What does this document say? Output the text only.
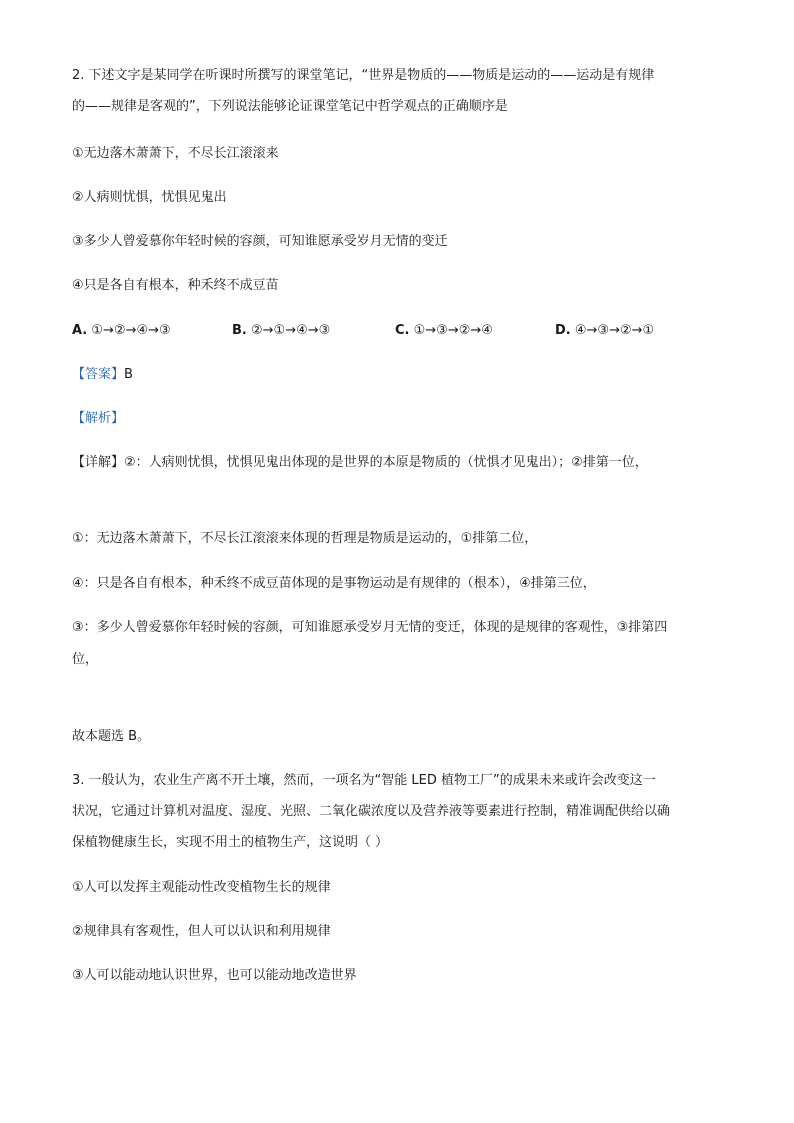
2. 下述文字是某同学在听课时所撰写的课堂笔记，“世界是物质的——物质是运动的——运动是有规律
的——规律是客观的”，下列说法能够论证课堂笔记中哲学观点的正确顺序是
①无边落木萧萧下，不尽长江滚滚来
②人病则忧惧，忧惧见鬼出
③多少人曾爱慕你年轻时候的容颜，可知谁愿承受岁月无情的变迁
④只是各自有根本，种禾终不成豆苗
A. ①→②→④→③	B. ②→①→④→③	C. ①→③→②→④	D. ④→③→②→①
【答案】B
【解析】
【详解】②：人病则忧惧，忧惧见鬼出体现的是世界的本原是物质的（忧惧才见鬼出）；②排第一位，
①：无边落木萧萧下，不尽长江滚滚来体现的哲理是物质是运动的，①排第二位，
④：只是各自有根本，种禾终不成豆苗体现的是事物运动是有规律的（根本），④排第三位，
③：多少人曾爱慕你年轻时候的容颜，可知谁愿承受岁月无情的变迁，体现的是规律的客观性，③排第四
位，
故本题选 B。
3. 一般认为，农业生产离不开土壤，然而，一项名为“智能 LED 植物工厂”的成果未来或许会改变这一
状况，它通过计算机对温度、湿度、光照、二氧化碳浓度以及营养液等要素进行控制，精准调配供给以确
保植物健康生长，实现不用土的植物生产，这说明（ ）
①人可以发挥主观能动性改变植物生长的规律
②规律具有客观性，但人可以认识和利用规律
③人可以能动地认识世界，也可以能动地改造世界
